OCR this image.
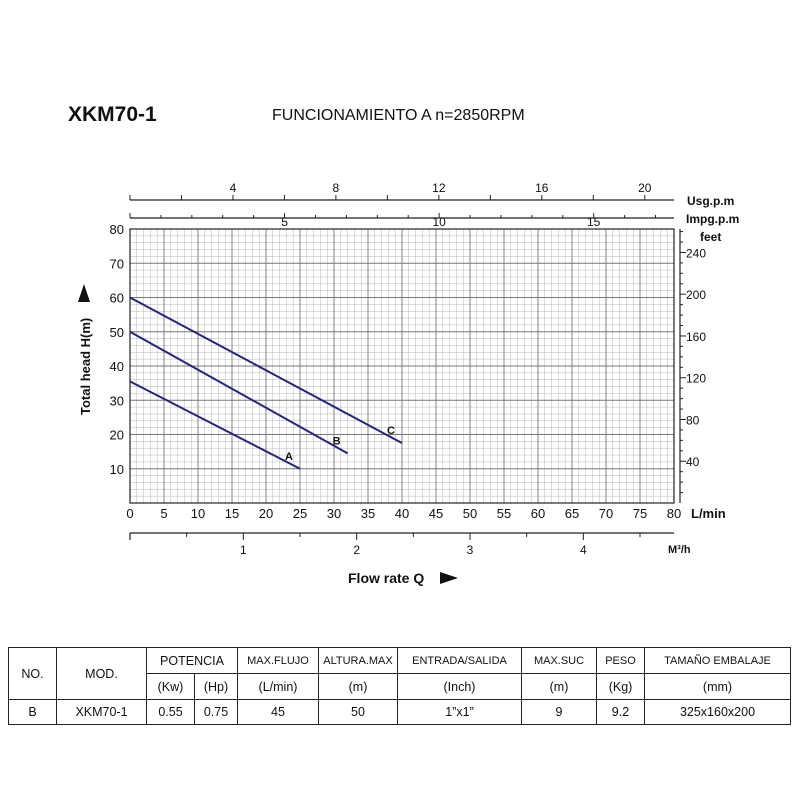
XKM70-1	FUNCIONAMIENTO A n=2850RPM
0 5 10 15 20 25 30 35 40 45 50 55 60 65 70 75 80
10
20
30
40
50
60
70
80
1	2	3	4
4	8	12	16	20
5	10	15
40
80
120
160
200
240
A
B
C
L/min
M³/h
Usg.p.m
Impg.p.m
feet
Flow rate Q
Total head H(m)
NO.	MOD.	POTENCIA		MAX.FLUJO	ALTURA.MAX	ENTRADA/SALIDA	MAX.SUC	PESO	TAMAÑO EMBALAJE
		(Kw)	(Hp)	(L/min)	(m)	(Inch)	(m)	(Kg)	(mm)
B	XKM70-1	0.55	0.75	45	50	1”x1”	9	9.2	325x160x200
